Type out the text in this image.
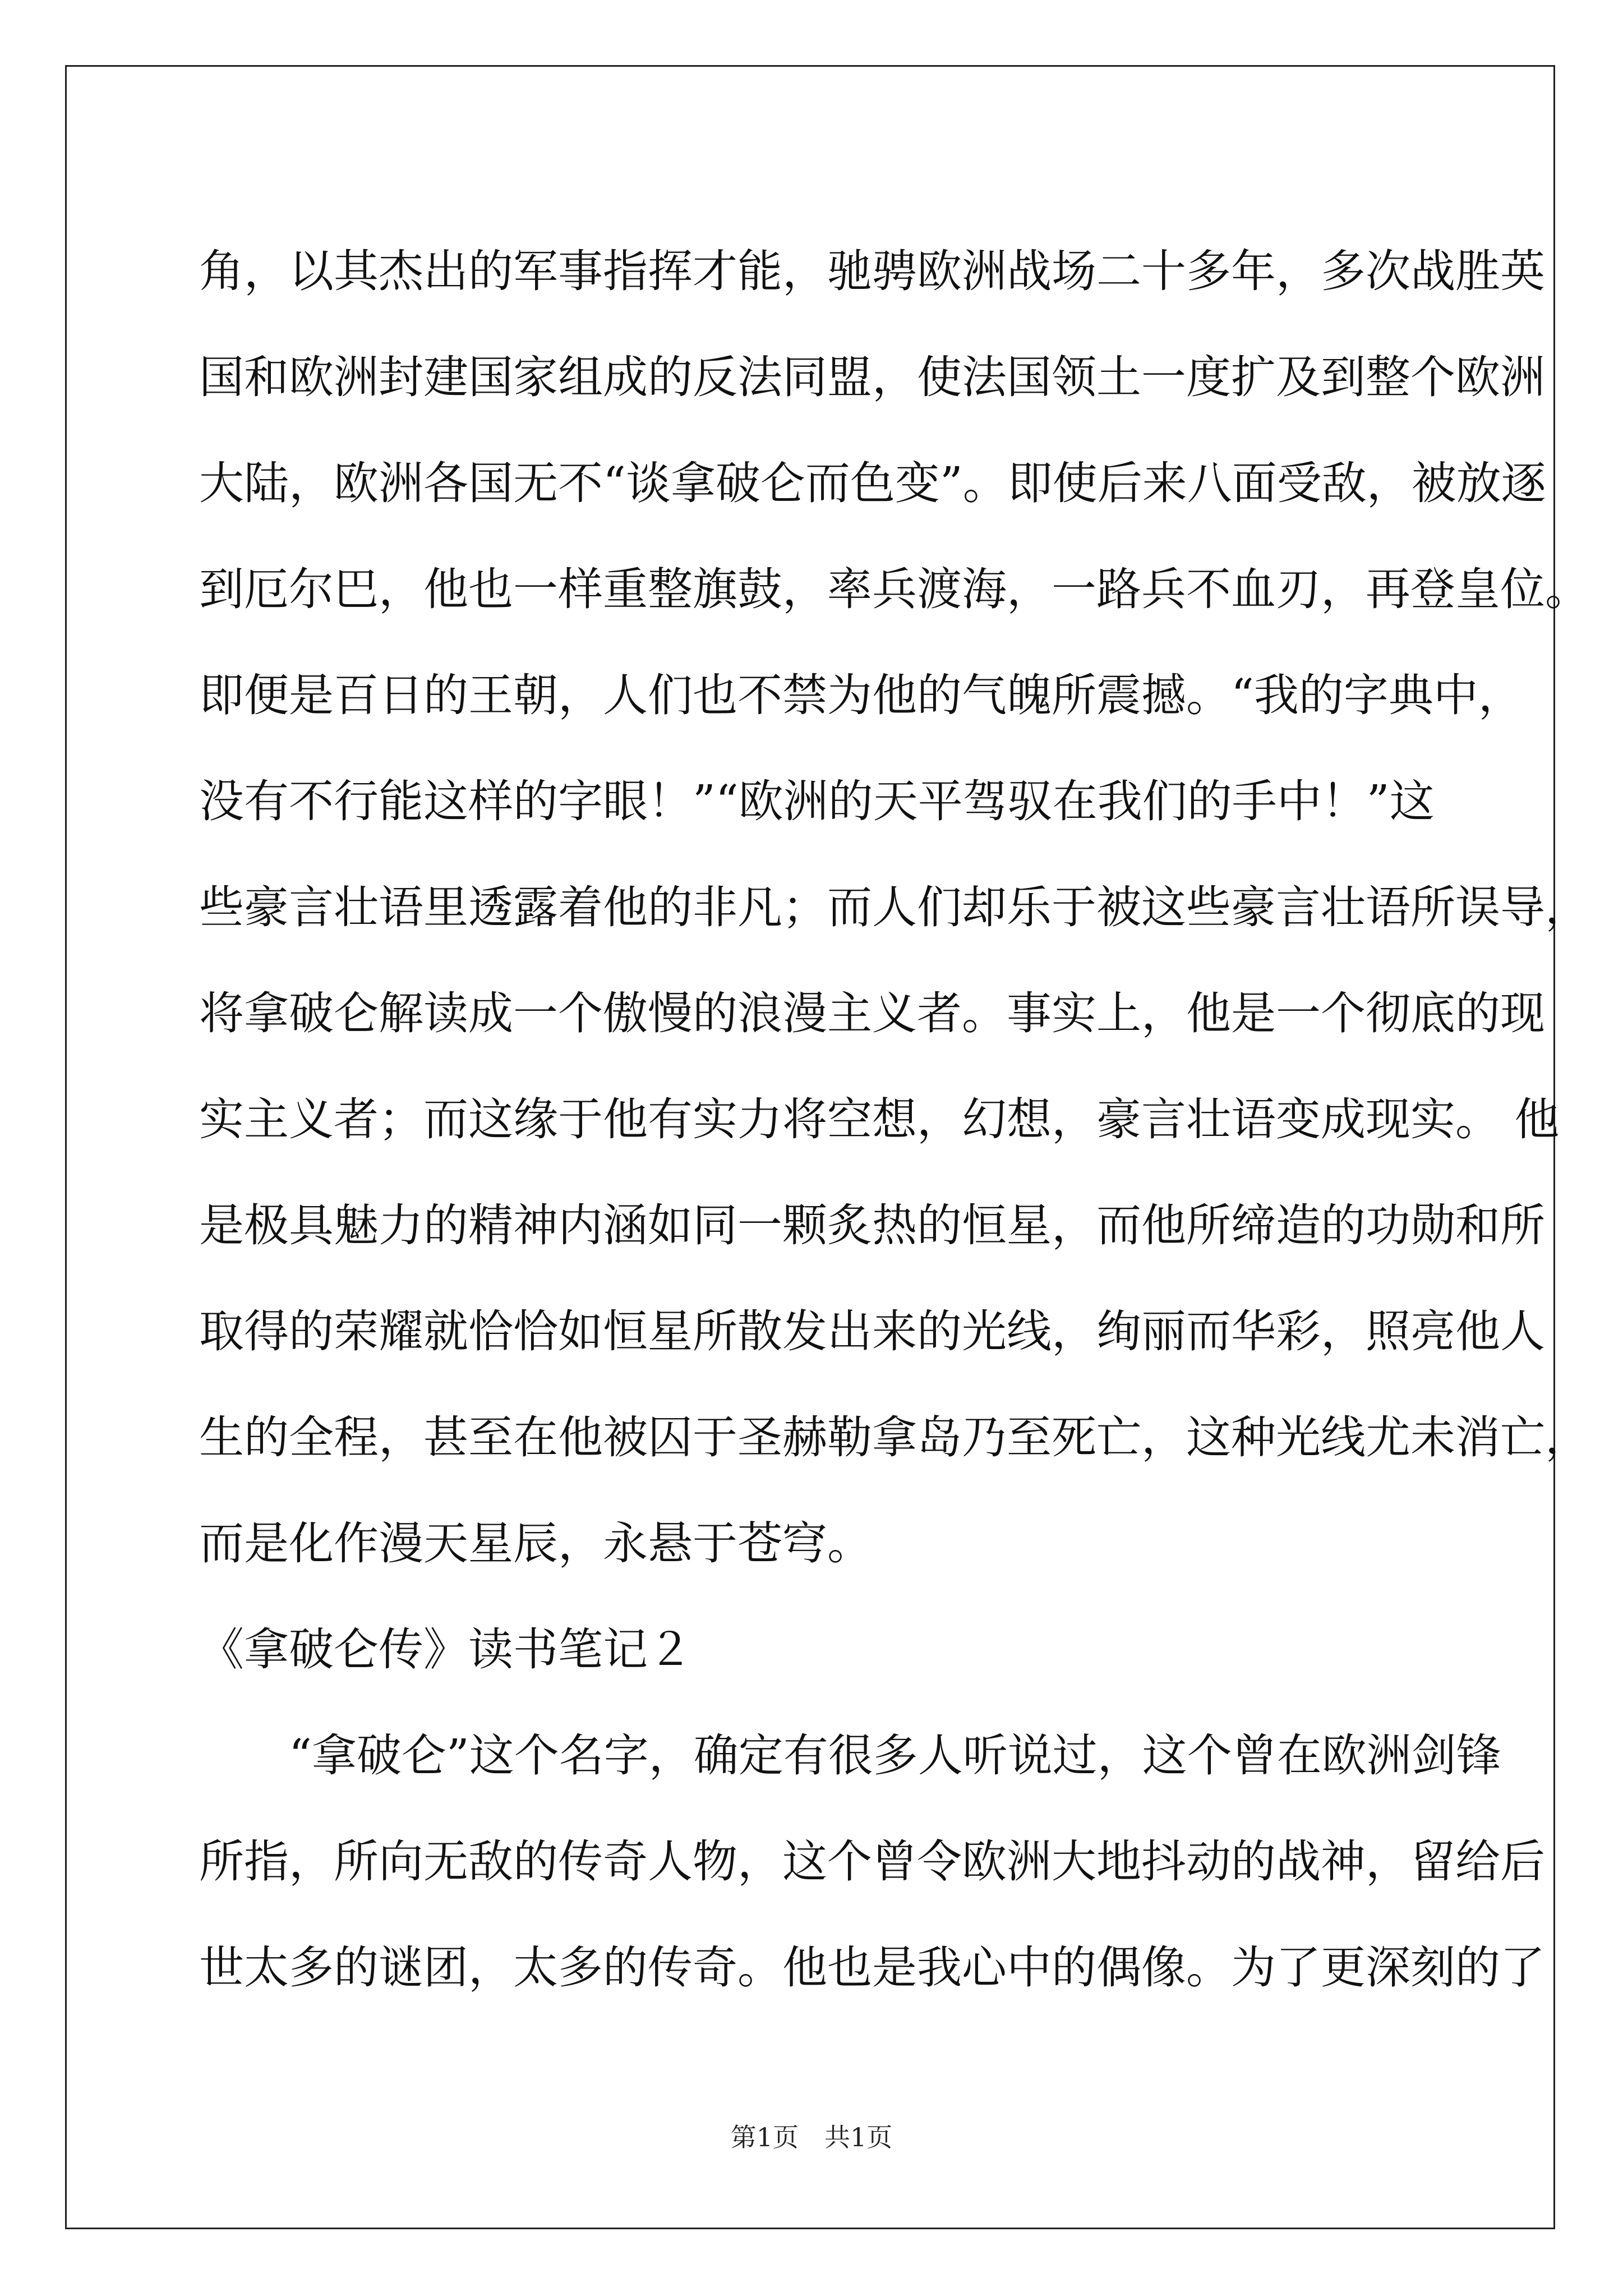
角，以其杰出的军事指挥才能，驰骋欧洲战场二十多年，多次战胜英

国和欧洲封建国家组成的反法同盟，使法国领土一度扩及到整个欧洲

大陆，欧洲各国无不“谈拿破仑而色变”。即使后来八面受敌，被放逐

到厄尔巴，他也一样重整旗鼓，率兵渡海，一路兵不血刃，再登皇位。

即便是百日的王朝，人们也不禁为他的气魄所震撼。“我的字典中，

没有不行能这样的字眼！”“欧洲的天平驾驭在我们的手中！”这

些豪言壮语里透露着他的非凡；而人们却乐于被这些豪言壮语所误导，

将拿破仑解读成一个傲慢的浪漫主义者。事实上，他是一个彻底的现

实主义者；而这缘于他有实力将空想，幻想，豪言壮语变成现实。 他

是极具魅力的精神内涵如同一颗炙热的恒星，而他所缔造的功勋和所

取得的荣耀就恰恰如恒星所散发出来的光线，绚丽而华彩，照亮他人

生的全程，甚至在他被囚于圣赫勒拿岛乃至死亡，这种光线尤未消亡，

而是化作漫天星辰，永悬于苍穹。

《拿破仑传》读书笔记２

　　“拿破仑”这个名字，确定有很多人听说过，这个曾在欧洲剑锋

所指，所向无敌的传奇人物，这个曾令欧洲大地抖动的战神，留给后

世太多的谜团，太多的传奇。他也是我心中的偶像。为了更深刻的了

第1页　共1页
